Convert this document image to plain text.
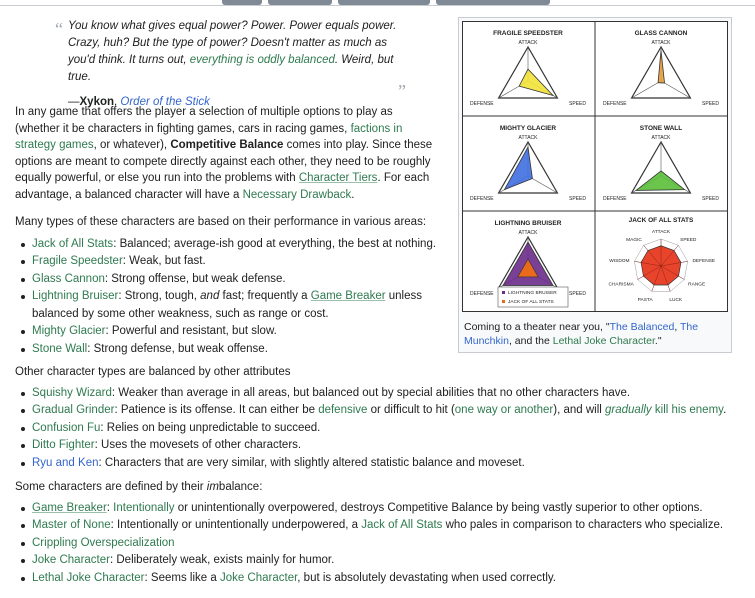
“ You know what gives equal power? Power. Power equals power. Crazy, huh? But the type of power? Doesn't matter as much as you'd think. It turns out, everything is oddly balanced. Weird, but true.
—Xykon, Order of the Stick
”

In any game that offers the player a selection of multiple options to play as (whether it be characters in fighting games, cars in racing games, factions in strategy games, or whatever), Competitive Balance comes into play. Since these options are meant to compete directly against each other, they need to be roughly equally powerful, or else you run into the problems with Character Tiers. For each advantage, a balanced character will have a Necessary Drawback.

Many types of these characters are based on their performance in various areas:

Jack of All Stats: Balanced; average-ish good at everything, the best at nothing.
Fragile Speedster: Weak, but fast.
Glass Cannon: Strong offense, but weak defense.
Lightning Bruiser: Strong, tough, and fast; frequently a Game Breaker unless balanced by some other weakness, such as range or cost.
Mighty Glacier: Powerful and resistant, but slow.
Stone Wall: Strong defense, but weak offense.

Other character types are balanced by other attributes

Squishy Wizard: Weaker than average in all areas, but balanced out by special abilities that no other characters have.
Gradual Grinder: Patience is its offense. It can either be defensive or difficult to hit (one way or another), and will gradually kill his enemy.
Confusion Fu: Relies on being unpredictable to succeed.
Ditto Fighter: Uses the movesets of other characters.
Ryu and Ken: Characters that are very similar, with slightly altered statistic balance and moveset.

Some characters are defined by their imbalance:

Game Breaker: Intentionally or unintentionally overpowered, destroys Competitive Balance by being vastly superior to other options.
Master of None: Intentionally or unintentionally underpowered, a Jack of All Stats who pales in comparison to characters who specialize.
Crippling Overspecialization
Joke Character: Deliberately weak, exists mainly for humor.
Lethal Joke Character: Seems like a Joke Character, but is absolutely devastating when used correctly.
FRAGILE SPEEDSTER
ATTACK
DEFENSE	SPEED
GLASS CANNON
ATTACK
DEFENSE	SPEED
MIGHTY GLACIER
ATTACK
DEFENSE	SPEED
STONE WALL
ATTACK
DEFENSE	SPEED
LIGHTNING BRUISER
ATTACK
DEFENSE	SPEED
LIGHTNING BRUISER
JACK OF ALL STATS
JACK OF ALL STATS
ATTACK
SPEED
DEFENSE
RANGE
LUCK
PASTA
CHARISMA
WISDOM
MAGIC
Coming to a theater near you, "The Balanced, The Munchkin, and the Lethal Joke Character."
